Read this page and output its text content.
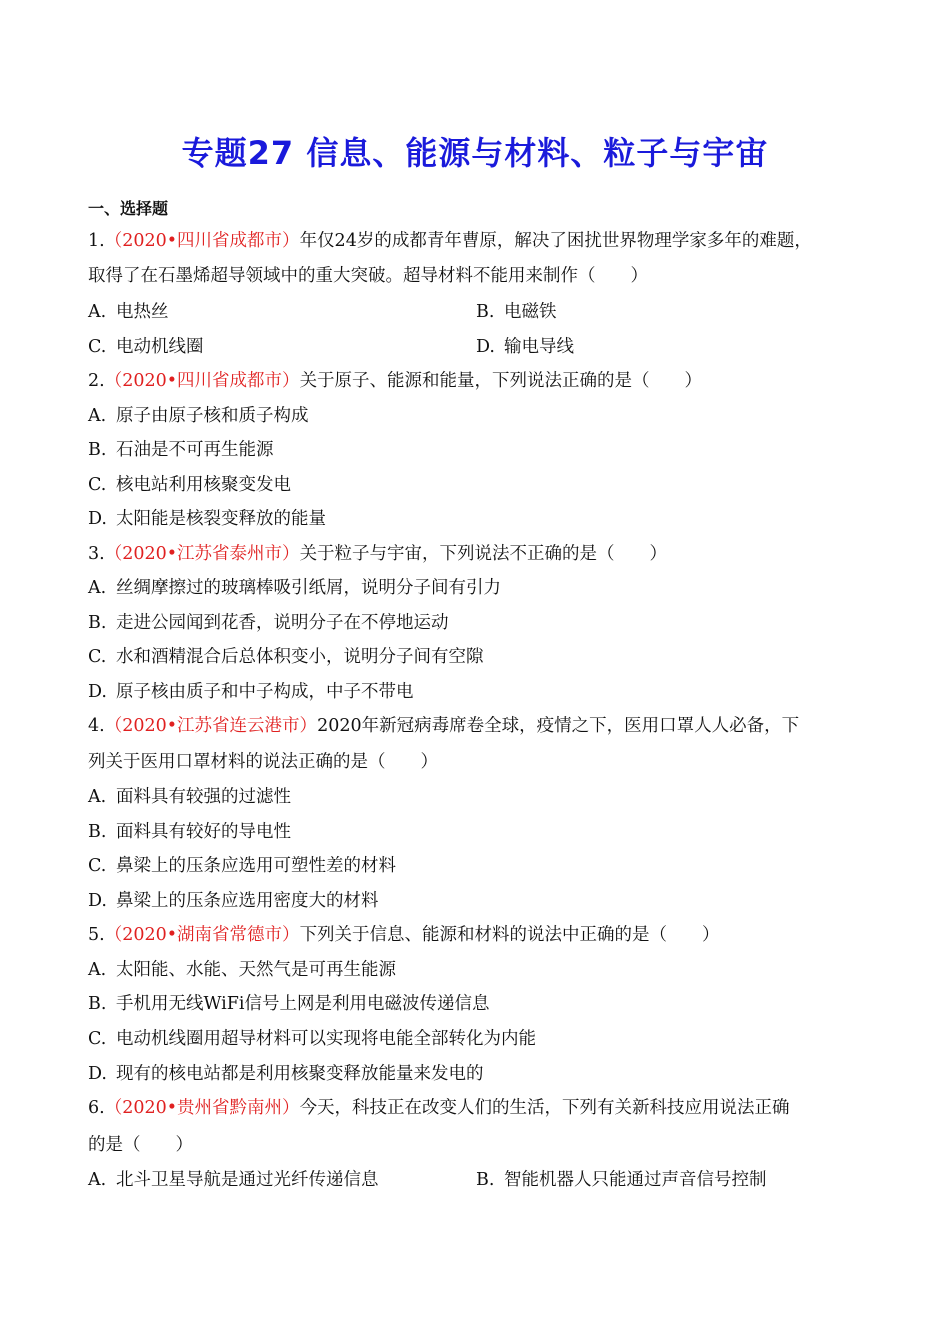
专题27 信息、能源与材料、粒子与宇宙
一、选择题
1.（2020•四川省成都市）年仅24岁的成都青年曹原，解决了困扰世界物理学家多年的难题，
取得了在石墨烯超导领域中的重大突破。超导材料不能用来制作（　　）
A. 电热丝	B. 电磁铁
C. 电动机线圈	D. 输电导线
2.（2020•四川省成都市）关于原子、能源和能量，下列说法正确的是（　　）
A. 原子由原子核和质子构成
B. 石油是不可再生能源
C. 核电站利用核聚变发电
D. 太阳能是核裂变释放的能量
3.（2020•江苏省泰州市）关于粒子与宇宙，下列说法不正确的是（　　）
A. 丝绸摩擦过的玻璃棒吸引纸屑，说明分子间有引力
B. 走进公园闻到花香，说明分子在不停地运动
C. 水和酒精混合后总体积变小，说明分子间有空隙
D. 原子核由质子和中子构成，中子不带电
4.（2020•江苏省连云港市）2020年新冠病毒席卷全球，疫情之下，医用口罩人人必备，下
列关于医用口罩材料的说法正确的是（　　）
A. 面料具有较强的过滤性
B. 面料具有较好的导电性
C. 鼻梁上的压条应选用可塑性差的材料
D. 鼻梁上的压条应选用密度大的材料
5.（2020•湖南省常德市）下列关于信息、能源和材料的说法中正确的是（　　）
A. 太阳能、水能、天然气是可再生能源
B. 手机用无线WiFi信号上网是利用电磁波传递信息
C. 电动机线圈用超导材料可以实现将电能全部转化为内能
D. 现有的核电站都是利用核聚变释放能量来发电的
6.（2020•贵州省黔南州）今天，科技正在改变人们的生活，下列有关新科技应用说法正确
的是（　　）
A. 北斗卫星导航是通过光纤传递信息	B. 智能机器人只能通过声音信号控制
